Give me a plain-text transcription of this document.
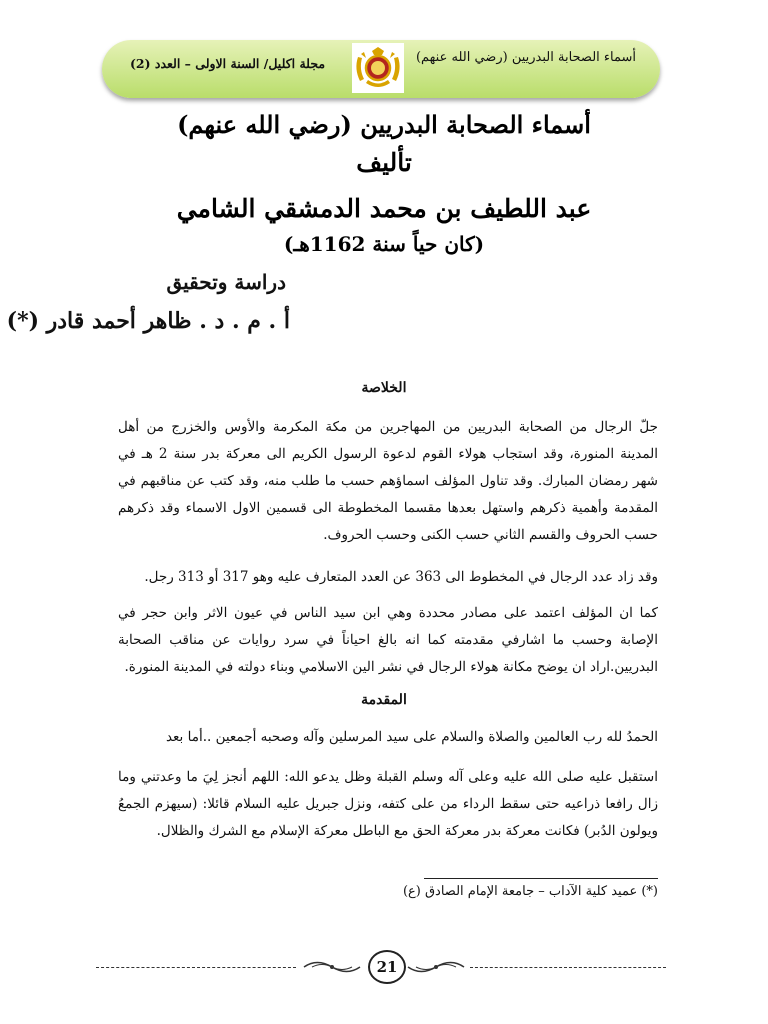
مجلة اكليل/ السنة الاولى – العدد (2)	أسماء الصحابة البدريين (رضي الله عنهم)
أسماء الصحابة البدريين (رضي الله عنهم)
تأليف
عبد اللطيف بن محمد الدمشقي الشامي
(كان حياً سنة 1162هـ)
دراسة وتحقيق
أ . م . د . ظاهر أحمد قادر (*)
الخلاصة
جلّ الرجال من الصحابة البدريين من المهاجرين من مكة المكرمة والأوس والخزرج من أهل المدينة المنورة، وقد استجاب هولاء القوم لدعوة الرسول الكريم الى معركة بدر سنة 2 هـ في شهر رمضان المبارك. وقد تناول المؤلف اسماؤهم حسب ما طلب منه، وقد كتب عن مناقبهم في المقدمة وأهمية ذكرهم واستهل بعدها مقسما المخطوطة الى قسمين الاول الاسماء وقد ذكرهم حسب الحروف والقسم الثاني حسب الكنى وحسب الحروف.
وقد زاد عدد الرجال في المخطوط الى 363 عن العدد المتعارف عليه وهو 317 أو 313 رجل.
كما ان المؤلف اعتمد على مصادر محددة وهي ابن سيد الناس في عيون الاثر وابن حجر في الإصابة وحسب ما اشارفي مقدمته كما انه بالغ احياناً في سرد روايات عن مناقب الصحابة البدريين.اراد ان يوضح مكانة هولاء الرجال في نشر الين الاسلامي وبناء دولته في المدينة المنورة.
المقدمة
الحمدُ لله رب العالمين والصلاة والسلام على سيد المرسلين وآله وصحبه أجمعين ..أما بعد
استقبل عليه صلى الله عليه وعلى آله وسلم القبلة وظل يدعو الله: اللهم أنجز لِيَ ما وعدتني وما زال رافعا ذراعيه حتى سقط الرداء من على كتفه، ونزل جبريل عليه السلام قائلا: (سيهزم الجمعُ ويولون الدُبر) فكانت معركة بدر معركة الحق مع الباطل معركة الإسلام مع الشرك والظلال.
(*) عميد كلية الآداب – جامعة الإمام الصادق (ع)
21
